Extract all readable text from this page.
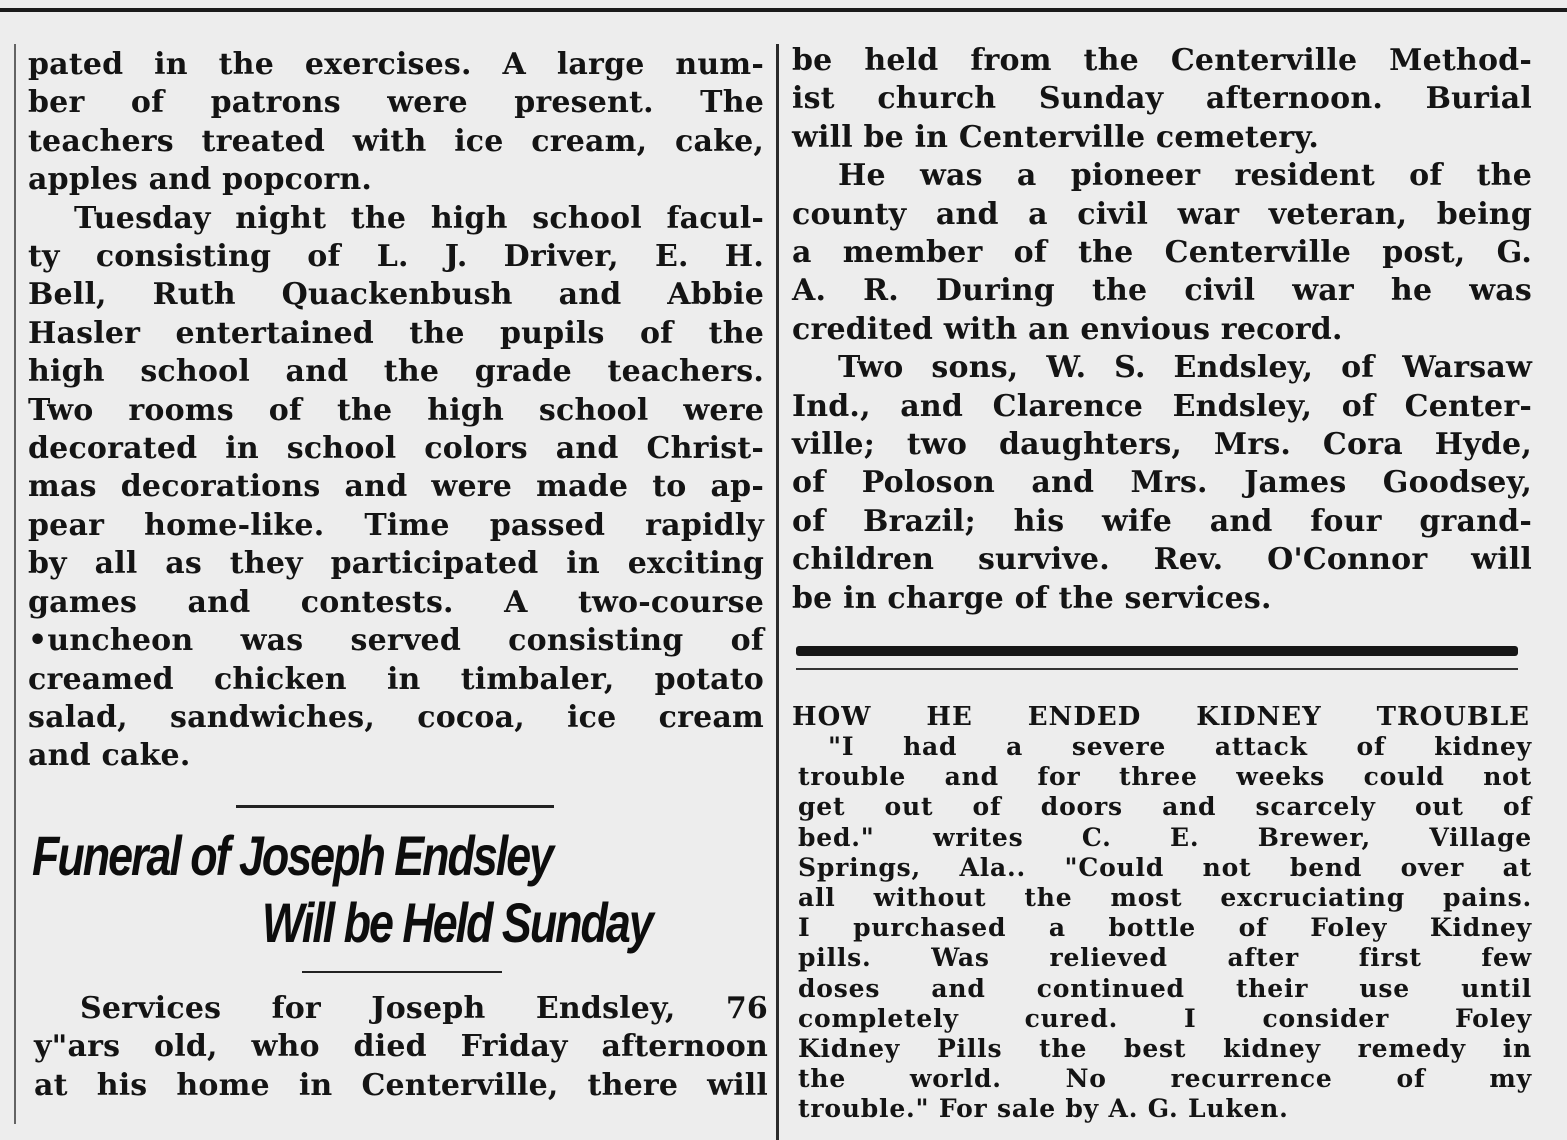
pated in the exercises. A large num-
ber of patrons were present. The
teachers treated with ice cream, cake,
apples and popcorn.
Tuesday night the high school facul-
ty consisting of L. J. Driver, E. H.
Bell, Ruth Quackenbush and Abbie
Hasler entertained the pupils of the
high school and the grade teachers.
Two rooms of the high school were
decorated in school colors and Christ-
mas decorations and were made to ap-
pear home-like. Time passed rapidly
by all as they participated in exciting
games and contests. A two-course
•uncheon was served consisting of
creamed chicken in timbaler, potato
salad, sandwiches, cocoa, ice cream
and cake.
Funeral of Joseph Endsley
Will be Held Sunday
Services for Joseph Endsley, 76
y"ars old, who died Friday afternoon
at his home in Centerville, there will
be held from the Centerville Method-
ist church Sunday afternoon. Burial
will be in Centerville cemetery.
He was a pioneer resident of the
county and a civil war veteran, being
a member of the Centerville post, G.
A. R. During the civil war he was
credited with an envious record.
Two sons, W. S. Endsley, of Warsaw
Ind., and Clarence Endsley, of Center-
ville; two daughters, Mrs. Cora Hyde,
of Poloson and Mrs. James Goodsey,
of Brazil; his wife and four grand-
children survive. Rev. O'Connor will
be in charge of the services.
HOW HE ENDED KIDNEY TROUBLE
"I had a severe attack of kidney
trouble and for three weeks could not
get out of doors and scarcely out of
bed." writes C. E. Brewer, Village
Springs, Ala.. "Could not bend over at
all without the most excruciating pains.
I purchased a bottle of Foley Kidney
pills. Was relieved after first few
doses and continued their use until
completely cured. I consider Foley
Kidney Pills the best kidney remedy in
the world. No recurrence of my
trouble." For sale by A. G. Luken.
